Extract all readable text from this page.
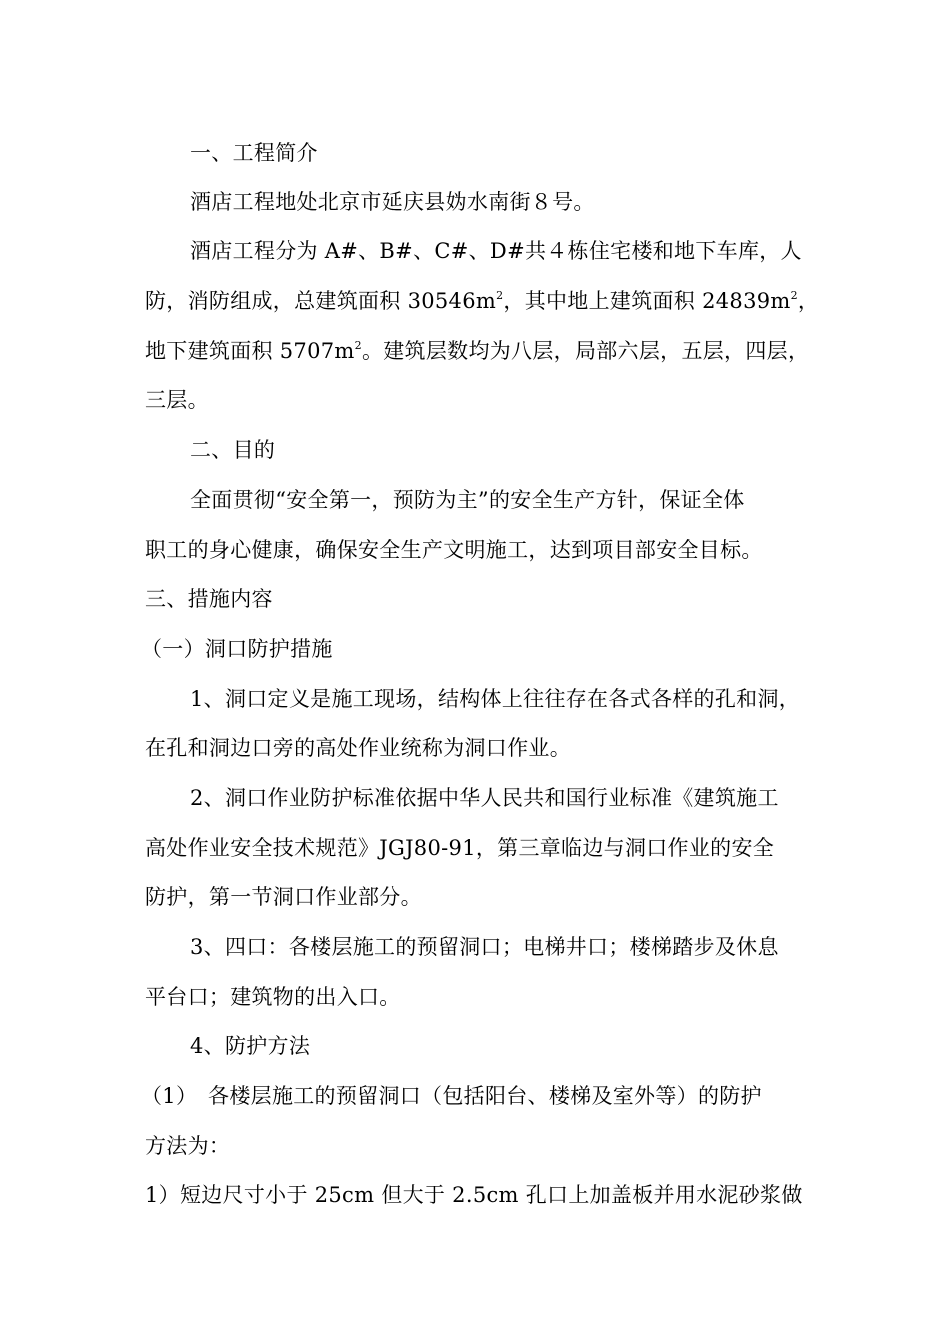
一、工程简介
酒店工程地处北京市延庆县妫水南街８号。
酒店工程分为 A#、B#、C#、D#共４栋住宅楼和地下车库，人
防，消防组成，总建筑面积 $30546m^2$，其中地上建筑面积 $24839m^2$，
地下建筑面积 $5707m^2$。建筑层数均为八层，局部六层，五层，四层，
三层。
二、目的
全面贯彻“安全第一，预防为主”的安全生产方针，保证全体
职工的身心健康，确保安全生产文明施工，达到项目部安全目标。
三、措施内容
（一）洞口防护措施
1、洞口定义是施工现场，结构体上往往存在各式各样的孔和洞，
在孔和洞边口旁的高处作业统称为洞口作业。
2、洞口作业防护标准依据中华人民共和国行业标准《建筑施工
高处作业安全技术规范》JGJ80-91，第三章临边与洞口作业的安全
防护，第一节洞口作业部分。
3、四口：各楼层施工的预留洞口；电梯井口；楼梯踏步及休息
平台口；建筑物的出入口。
4、防护方法
（1）　各楼层施工的预留洞口（包括阳台、楼梯及室外等）的防护
方法为：
1）短边尺寸小于 25cm 但大于 2.5cm 孔口上加盖板并用水泥砂浆做
